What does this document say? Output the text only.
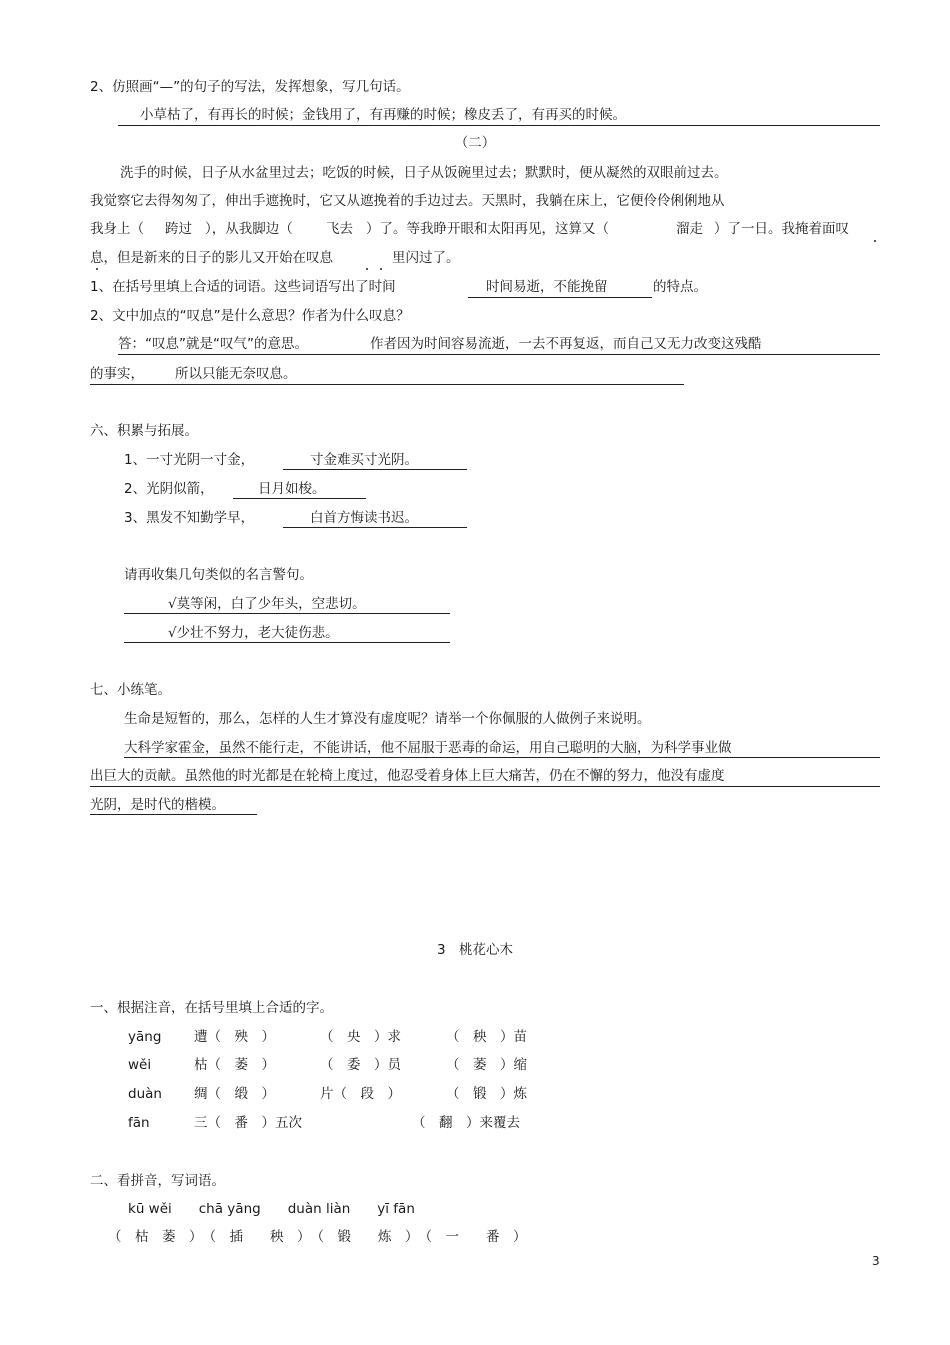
2、仿照画“—”的句子的写法，发挥想象，写几句话。
小草枯了，有再长的时候；金钱用了，有再赚的时候；橡皮丢了，有再买的时候。
（二）
洗手的时候，日子从水盆里过去；吃饭的时候，日子从饭碗里过去；默默时，便从凝然的双眼前过去。
我觉察它去得匆匆了，伸出手遮挽时，它又从遮挽着的手边过去。天黑时，我躺在床上，它便伶伶俐俐地从
我身上（ 跨过 ），从我脚边（ 飞去 ）了。等我睁开眼和太阳再见，这算又（	溜走 ）了一日。我掩着面叹
息，但是新来的日子的影儿又开始在叹息	里闪过了。
1、在括号里填上合适的词语。这些词语写出了时间	时间易逝，不能挽留	的特点。
2、文中加点的“叹息”是什么意思？作者为什么叹息？
答：“叹息”就是“叹气”的意思。	作者因为时间容易流逝，一去不再复返，而自己又无力改变这残酷
的事实， 所以只能无奈叹息。
六、积累与拓展。
1、一寸光阴一寸金，	寸金难买寸光阴。
2、光阴似箭，	日月如梭。
3、黑发不知勤学早，	白首方悔读书迟。
请再收集几句类似的名言警句。
√莫等闲，白了少年头，空悲切。
√少壮不努力，老大徒伤悲。
七、小练笔。
生命是短暂的，那么，怎样的人生才算没有虚度呢？请举一个你佩服的人做例子来说明。
大科学家霍金，虽然不能行走，不能讲话，他不屈服于恶毒的命运，用自己聪明的大脑，为科学事业做
出巨大的贡献。虽然他的时光都是在轮椅上度过，他忍受着身体上巨大痛苦，仍在不懈的努力，他没有虚度
光阴，是时代的楷模。
3　桃花心木
一、根据注音，在括号里填上合适的字。
yāng 遭（　殃　）	（　央　）求	（　秧　）苗
wěi	枯（　萎　）	（　委　）员	（　萎　）缩
duàn 绸（　缎　）	片（　段　）	（　锻　）炼
fān	三（　番　）五次	（　翻　）来覆去
二、看拼音，写词语。
kū wěi　　chā yāng　　duàn liàn　　yī fān
（　枯　萎　）　（　插　　秧　）　（　锻　　炼　）　（　一　　番　）
3
